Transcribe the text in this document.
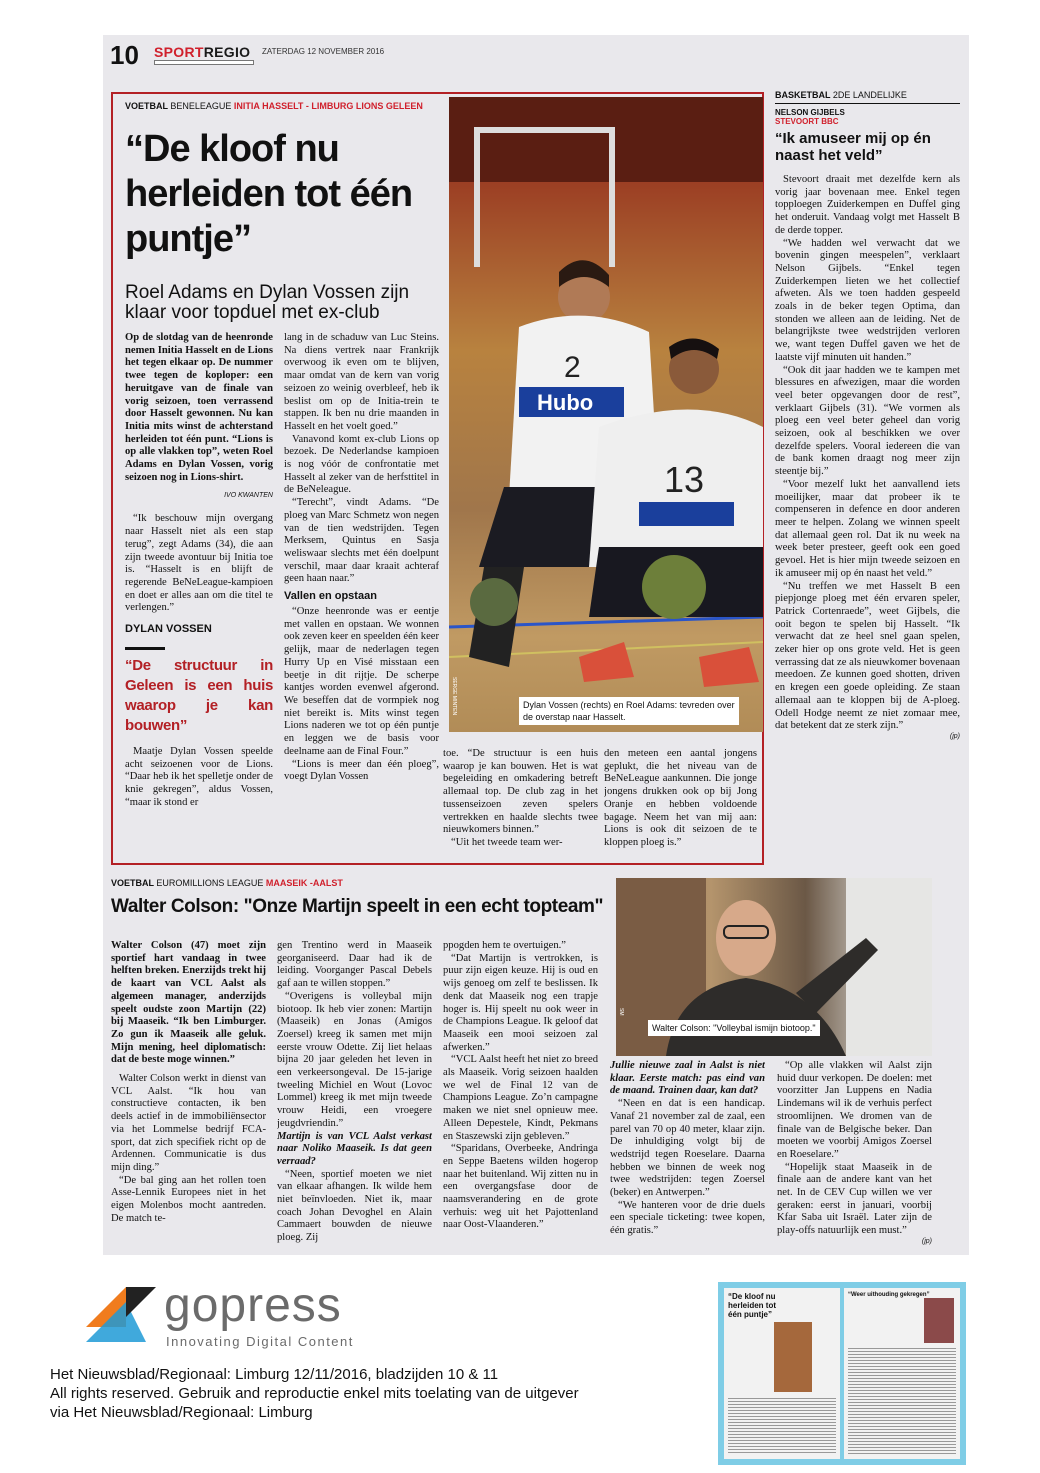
10 SPORTREGIO ZATERDAG 12 NOVEMBER 2016
VOETBAL BENELEAGUE INITIA HASSELT - LIMBURG LIONS GELEEN
“De kloof nu herleiden tot één puntje”
Roel Adams en Dylan Vossen zijn klaar voor topduel met ex-club

Op de slotdag van de heenronde nemen Initia Hasselt en de Lions het tegen elkaar op. De nummer twee tegen de koploper: een heruitgave van de finale van vorig seizoen, toen verrassend door Hasselt gewonnen. Nu kan Initia mits winst de achterstand herleiden tot één punt. “Lions is op alle vlakken top”, weten Roel Adams en Dylan Vossen, vorig seizoen nog in Lions-shirt.

IVO KWANTEN

“Ik beschouw mijn overgang naar Hasselt niet als een stap terug”, zegt Adams (34), die aan zijn tweede avontuur bij Initia toe is. “Hasselt is en blijft de regerende BeNeLeague-kampioen en doet er alles aan om die titel te verlengen.”

DYLAN VOSSEN
“De structuur in Geleen is een huis waarop je kan bouwen”

Maatje Dylan Vossen speelde acht seizoenen voor de Lions. “Daar heb ik het spelletje onder de knie gekregen”, aldus Vossen, “maar ik stond er

lang in de schaduw van Luc Steins. Na diens vertrek naar Frankrijk overwoog ik even om te blijven, maar omdat van de kern van vorig seizoen zo weinig overbleef, heb ik beslist om op de Initia-trein te stappen. Ik ben nu drie maanden in Hasselt en het voelt goed.”

Vanavond komt ex-club Lions op bezoek. De Nederlandse kampioen is nog vóór de confrontatie met Hasselt al zeker van de herfsttitel in de BeNeleague.

“Terecht”, vindt Adams. “De ploeg van Marc Schmetz won negen van de tien wedstrijden. Tegen Merksem, Quintus en Sasja weliswaar slechts met één doelpunt verschil, maar daar kraait achteraf geen haan naar.”

Vallen en opstaan

“Onze heenronde was er eentje met vallen en opstaan. We wonnen ook zeven keer en speelden één keer gelijk, maar de nederlagen tegen Hurry Up en Visé misstaan een beetje in dit rijtje. De scherpe kantjes worden evenwel afgerond. We beseffen dat de vormpiek nog niet bereikt is. Mits winst tegen Lions naderen we tot op één puntje en leggen we de basis voor deelname aan de Final Four.”

“Lions is meer dan één ploeg”, voegt Dylan Vossen

Hubo
2
13
SERGE MINTEN	Dylan Vossen (rechts) en Roel Adams: tevreden over de overstap naar Hasselt.

toe. “De structuur is een huis waarop je kan bouwen. Het is wat begeleiding en omkadering betreft allemaal top. De club zag in het tussenseizoen zeven spelers vertrekken en haalde slechts twee nieuwkomers binnen.”

“Uit het tweede team wer-

den meteen een aantal jongens geplukt, die het niveau van de BeNeLeague aankunnen. Die jonge jongens drukken ook op bij Jong Oranje en hebben voldoende bagage. Neem het van mij aan: Lions is ook dit seizoen de te kloppen ploeg is.”

BASKETBAL 2DE LANDELIJKE
NELSON GIJBELS
STEVOORT BBC
“Ik amuseer mij op én naast het veld”

Stevoort draait met dezelfde kern als vorig jaar bovenaan mee. Enkel tegen topploegen Zuiderkempen en Duffel ging het onderuit. Vandaag volgt met Hasselt B de derde topper.

“We hadden wel verwacht dat we bovenin gingen meespelen”, verklaart Nelson Gijbels. “Enkel tegen Zuiderkempen lieten we het collectief afweten. Als we toen hadden gespeeld zoals in de beker tegen Optima, dan stonden we alleen aan de leiding. Net de belangrijkste twee wedstrijden verloren we, want tegen Duffel gaven we het de laatste vijf minuten uit handen.”

“Ook dit jaar hadden we te kampen met blessures en afwezigen, maar die worden veel beter opgevangen door de rest”, verklaart Gijbels (31). “We vormen als ploeg een veel beter geheel dan vorig seizoen, ook al beschikken we over dezelfde spelers. Vooral iedereen die van de bank komen draagt nog meer zijn steentje bij.”

“Voor mezelf lukt het aanvallend iets moeilijker, maar dat probeer ik te compenseren in defence en door anderen meer te helpen. Zolang we winnen speelt dat allemaal geen rol. Dat ik nu week na week beter presteer, geeft ook een goed gevoel. Het is hier mijn tweede seizoen en ik amuseer mij op én naast het veld.”

“Nu treffen we met Hasselt B een piepjonge ploeg met één ervaren speler, Patrick Cortenraede”, weet Gijbels, die ooit begon te spelen bij Hasselt. “Ik verwacht dat ze heel snel gaan spelen, zeker hier op ons grote veld. Het is geen verrassing dat ze als nieuwkomer bovenaan meedoen. Ze kunnen goed shotten, driven en kregen een goede opleiding. Ze staan allemaal aan te kloppen bij de A-ploeg. Odell Hodge neemt ze niet zomaar mee, dat betekent dat ze sterk zijn.”

(jp)
VOETBAL EUROMILLIONS LEAGUE MAASEIK -AALST
Walter Colson: "Onze Martijn speelt in een echt topteam"

Walter Colson (47) moet zijn sportief hart vandaag in twee helften breken. Enerzijds trekt hij de kaart van VCL Aalst als algemeen manager, anderzijds speelt oudste zoon Martijn (22) bij Maaseik. “Ik ben Limburger. Zo gun ik Maaseik alle geluk. Mijn mening, heel diplomatisch: dat de beste moge winnen.”

Walter Colson werkt in dienst van VCL Aalst. “Ik hou van constructieve contacten, ik ben deels actief in de immobiliënsector via het Lommelse bedrijf FCA-sport, dat zich specifiek richt op de Ardennen. Communicatie is dus mijn ding.”

“De bal ging aan het rollen toen Asse-Lennik Europees niet in het eigen Molenbos mocht aantreden. De match te-

gen Trentino werd in Maaseik georganiseerd. Daar had ik de leiding. Voorganger Pascal Debels gaf aan te willen stoppen.”

“Overigens is volleybal mijn biotoop. Ik heb vier zonen: Martijn (Maaseik) en Jonas (Amigos Zoersel) kreeg ik samen met mijn eerste vrouw Odette. Zij liet helaas bijna 20 jaar geleden het leven in een verkeersongeval. De 15-jarige tweeling Michiel en Wout (Lovoc Lommel) kreeg ik met mijn tweede vrouw Heidi, een vroegere jeugdvriendin.”

Martijn is van VCL Aalst verkast naar Noliko Maaseik. Is dat geen verraad?

“Neen, sportief moeten we niet van elkaar afhangen. Ik wilde hem niet beïnvloeden. Niet ik, maar coach Johan Devoghel en Alain Cammaert bouwden de nieuwe ploeg. Zij

ppogden hem te overtuigen.”

“Dat Martijn is vertrokken, is puur zijn eigen keuze. Hij is oud en wijs genoeg om zelf te beslissen. Ik denk dat Maaseik nog een trapje hoger is. Hij speelt nu ook weer in de Champions League. Ik geloof dat Maaseik een mooi seizoen zal afwerken.”

“VCL Aalst heeft het niet zo breed als Maaseik. Vorig seizoen haalden we wel de Final 12 van de Champions League. Zo’n campagne maken we niet snel opnieuw mee. Alleen Depestele, Kindt, Pekmans en Staszewski zijn gebleven.”

“Sparidans, Overbeeke, Andringa en Seppe Baetens wilden hogerop naar het buitenland. Wij zitten nu in een overgangsfase door de naamsverandering en de grote verhuis: weg uit het Pajottenland naar Oost-Vlaanderen.”

SM
Walter Colson: "Volleybal ismijn biotoop."

Jullie nieuwe zaal in Aalst is niet klaar. Eerste match: pas eind van de maand. Trainen daar, kan dat?

“Neen en dat is een handicap. Vanaf 21 november zal de zaal, een parel van 70 op 40 meter, klaar zijn. De inhuldiging volgt bij de wedstrijd tegen Roeselare. Daarna hebben we binnen de week nog twee wedstrijden: tegen Zoersel (beker) en Antwerpen.”

“We hanteren voor de drie duels een speciale ticketing: twee kopen, één gratis.”

“Op alle vlakken wil Aalst zijn huid duur verkopen. De doelen: met voorzitter Jan Luppens en Nadia Lindemans wil ik de verhuis perfect stroomlijnen. We dromen van de finale van de Belgische beker. Dan moeten we voorbij Amigos Zoersel en Roeselare.”

“Hopelijk staat Maaseik in de finale aan de andere kant van het net. In de CEV Cup willen we ver geraken: eerst in januari, voorbij Kfar Saba uit Israël. Later zijn de play-offs natuurlijk een must.”

(jp)
gopress
Innovating Digital Content
Het Nieuwsblad/Regionaal: Limburg 12/11/2016, bladzijden 10 & 11
All rights reserved. Gebruik and reproductie enkel mits toelating van de uitgever
via Het Nieuwsblad/Regionaal: Limburg
“De kloof nu herleiden tot één puntje”
“Weer uithouding gekregen”
